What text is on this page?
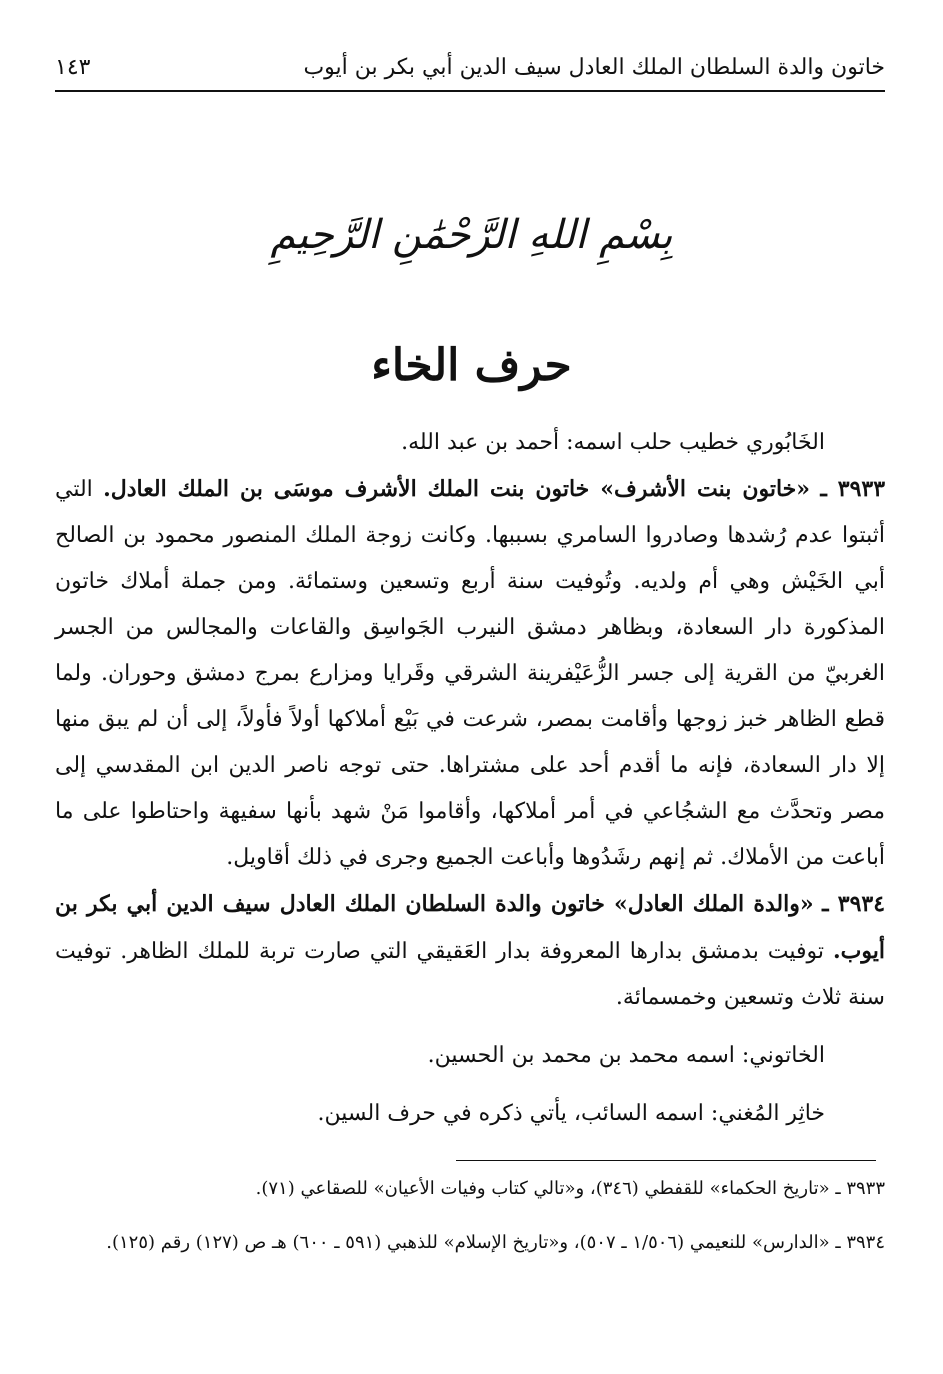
خاتون والدة السلطان الملك العادل سيف الدين أبي بكر بن أيوب
١٤٣
بِسْمِ اللهِ الرَّحْمَٰنِ الرَّحِيمِ
حرف الخاء

الخَابُوري خطيب حلب اسمه: أحمد بن عبد الله.

٣٩٣٣ ـ «خاتون بنت الأشرف» خاتون بنت الملك الأشرف موسَى بن الملك العادل. التي أثبتوا عدم رُشدها وصادروا السامري بسببها. وكانت زوجة الملك المنصور محمود بن الصالح أبي الخَيْش وهي أم ولديه. وتُوفيت سنة أربع وتسعين وستمائة. ومن جملة أملاك خاتون المذكورة دار السعادة، وبظاهر دمشق النيرب الجَواسِق والقاعات والمجالس من الجسر الغربيّ من القرية إلى جسر الزُّعَيْفرينة الشرقي وقَرايا ومزارع بمرج دمشق وحوران. ولما قطع الظاهر خبز زوجها وأقامت بمصر، شرعت في بَيْع أملاكها أولاً فأولاً، إلى أن لم يبق منها إلا دار السعادة، فإنه ما أقدم أحد على مشتراها. حتى توجه ناصر الدين ابن المقدسي إلى مصر وتحدَّث مع الشجُاعي في أمر أملاكها، وأقاموا مَنْ شهد بأنها سفيهة واحتاطوا على ما أباعت من الأملاك. ثم إنهم رشَدُوها وأباعت الجميع وجرى في ذلك أقاويل.

٣٩٣٤ ـ «والدة الملك العادل» خاتون والدة السلطان الملك العادل سيف الدين أبي بكر بن أيوب. توفيت بدمشق بدارها المعروفة بدار العَقيقي التي صارت تربة للملك الظاهر. توفيت سنة ثلاث وتسعين وخمسمائة.

الخاتوني: اسمه محمد بن محمد بن الحسين.

خاثِر المُغني: اسمه السائب، يأتي ذكره في حرف السين.

٣٩٣٣ ـ «تاريخ الحكماء» للقفطي (٣٤٦)، و«تالي كتاب وفيات الأعيان» للصقاعي (٧١).

٣٩٣٤ ـ «الدارس» للنعيمي (١/٥٠٦ ـ ٥٠٧)، و«تاريخ الإسلام» للذهبي (٥٩١ ـ ٦٠٠) هـ ص (١٢٧) رقم (١٢٥).
